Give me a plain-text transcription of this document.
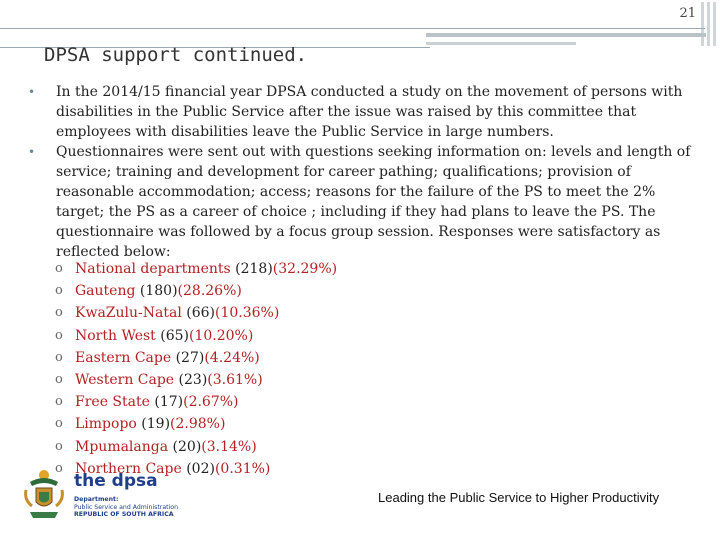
21
DPSA support continued.
• In the 2014/15 financial year DPSA conducted a study on the movement of persons with disabilities in the Public Service after the issue was raised by this committee that employees with disabilities leave the Public Service in large numbers.
• Questionnaires were sent out with questions seeking information on: levels and length of service; training and development for career pathing; qualifications; provision of reasonable accommodation; access; reasons for the failure of the PS to meet the 2% target; the PS as a career of choice ; including if they had plans to leave the PS. The questionnaire was followed by a focus group session. Responses were satisfactory as reflected below:
o National departments (218)(32.29%)
o Gauteng (180)(28.26%)
o KwaZulu-Natal (66)(10.36%)
o North West (65)(10.20%)
o Eastern Cape (27)(4.24%)
o Western Cape (23)(3.61%)
o Free State (17)(2.67%)
o Limpopo (19)(2.98%)
o Mpumalanga (20)(3.14%)
o Northern Cape (02)(0.31%)
the dpsa
Department:
Public Service and Administration
REPUBLIC OF SOUTH AFRICA
Leading the Public Service to Higher Productivity
